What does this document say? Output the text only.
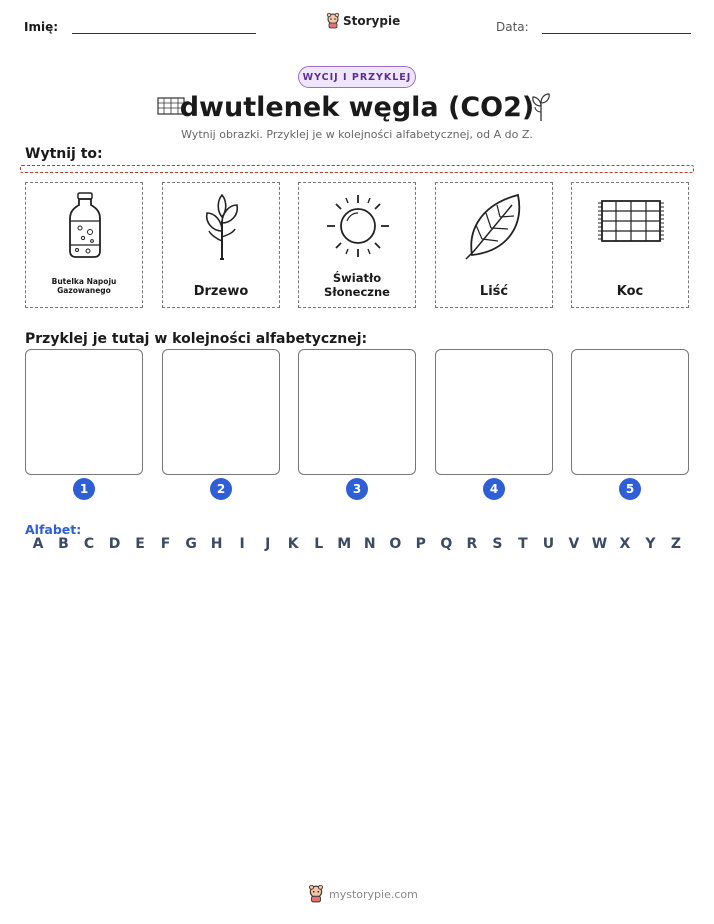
Imię:	Storypie	Data:
WYCIJ I PRZYKLEJ
dwutlenek węgla (CO2)
Wytnij obrazki. Przyklej je w kolejności alfabetycznej, od A do Z.
Wytnij to:
Butelka Napoju Gazowanego	Drzewo
Światło Słoneczne	Liść	Koc
Przyklej je tutaj w kolejności alfabetycznej:
1	2	3	4	5
Alfabet:
A	B	C	D	E	F	G H	I	J	K	L	M N O	P	Q	R	S	T	U	V W X	Y	Z
mystorypie.com
